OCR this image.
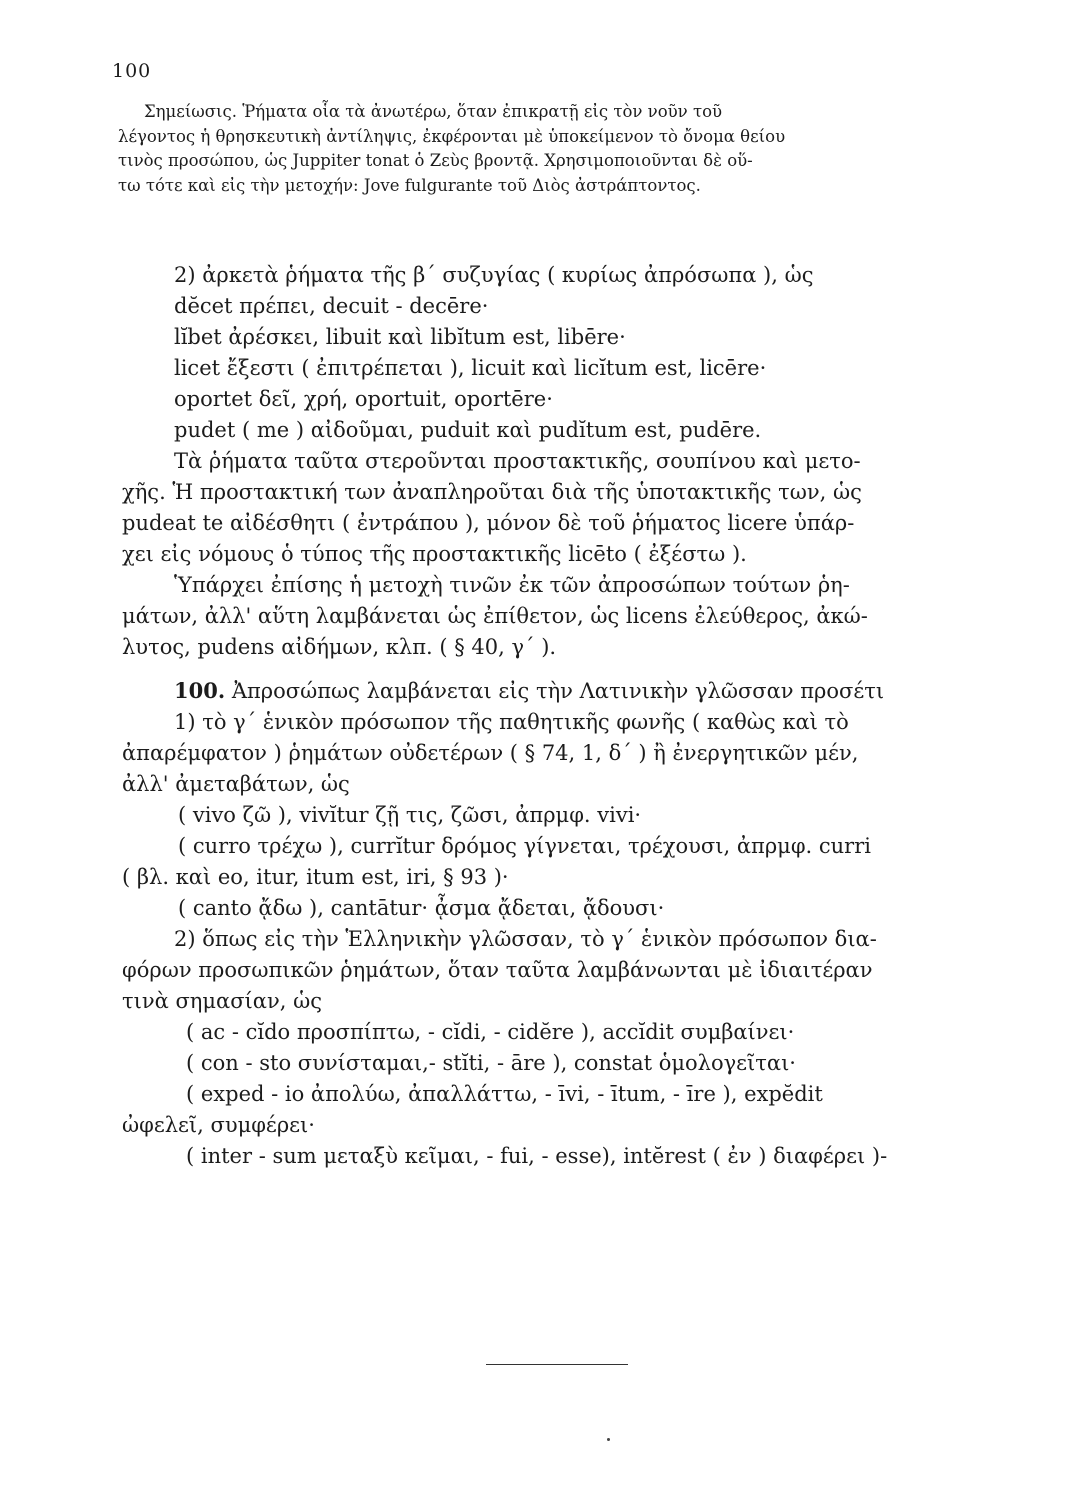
100
Σημείωσις. Ῥήματα οἷα τὰ ἀνωτέρω, ὅταν ἐπικρατῇ εἰς τὸν νοῦν τοῦ
λέγοντος ἡ θρησκευτικὴ ἀντίληψις, ἐκφέρονται μὲ ὑποκείμενον τὸ ὄνομα θείου
τινὸς προσώπου, ὡς Juppiter tonat ὁ Ζεὺς βροντᾷ. Χρησιμοποιοῦνται δὲ οὕ-
τω τότε καὶ εἰς τὴν μετοχήν: Jove fulgurante τοῦ Διὸς ἀστράπτοντος.
2) ἀρκετὰ ῥήματα τῆς β΄ συζυγίας ( κυρίως ἀπρόσωπα ), ὡς
dĕcet πρέπει, decuit - decēre·
lĭbet ἀρέσκει, libuit καὶ libĭtum est, libēre·
licet ἔξεστι ( ἐπιτρέπεται ), licuit καὶ licĭtum est, licēre·
oportet δεῖ, χρή, oportuit, oportēre·
pudet ( me ) αἰδοῦμαι, puduit καὶ pudĭtum est, pudēre.
Τὰ ῥήματα ταῦτα στεροῦνται προστακτικῆς, σουπίνου καὶ μετο-
χῆς. Ἡ προστακτική των ἀναπληροῦται διὰ τῆς ὑποτακτικῆς των, ὡς
pudeat te αἰδέσθητι ( ἐντράπου ), μόνον δὲ τοῦ ῥήματος licere ὑπάρ-
χει εἰς νόμους ὁ τύπος τῆς προστακτικῆς licēto ( ἐξέστω ).
Ὑπάρχει ἐπίσης ἡ μετοχὴ τινῶν ἐκ τῶν ἀπροσώπων τούτων ῥη-
μάτων, ἀλλ' αὕτη λαμβάνεται ὡς ἐπίθετον, ὡς licens ἐλεύθερος, ἀκώ-
λυτος, pudens αἰδήμων, κλπ. ( § 40, γ΄ ).
100. Ἀπροσώπως λαμβάνεται εἰς τὴν Λατινικὴν γλῶσσαν προσέτι
1) τὸ γ΄ ἑνικὸν πρόσωπον τῆς παθητικῆς φωνῆς ( καθὼς καὶ τὸ
ἀπαρέμφατον ) ῥημάτων οὐδετέρων ( § 74, 1, δ΄ ) ἢ ἐνεργητικῶν μέν,
ἀλλ' ἀμεταβάτων, ὡς
( vivo ζῶ ), vivĭtur ζῇ τις, ζῶσι, ἀπρμφ. vivi·
( curro τρέχω ), currĭtur δρόμος γίγνεται, τρέχουσι, ἀπρμφ. curri
( βλ. καὶ eo, itur, itum est, iri, § 93 )·
( canto ᾄδω ), cantātur· ᾆσμα ᾄδεται, ᾄδουσι·
2) ὅπως εἰς τὴν Ἑλληνικὴν γλῶσσαν, τὸ γ΄ ἑνικὸν πρόσωπον δια-
φόρων προσωπικῶν ῥημάτων, ὅταν ταῦτα λαμβάνωνται μὲ ἰδιαιτέραν
τινὰ σημασίαν, ὡς
( ac - cĭdo προσπίπτω, - cĭdi, - cidĕre ), accĭdit συμβαίνει·
( con - sto συνίσταμαι,- stĭti, - āre ), constat ὁμολογεῖται·
( exped - io ἀπολύω, ἀπαλλάττω, - īvi, - ītum, - īre ), expĕdit
ὠφελεῖ, συμφέρει·
( inter - sum μεταξὺ κεῖμαι, - fui, - esse), intĕrest ( ἐν ) διαφέρει )-
